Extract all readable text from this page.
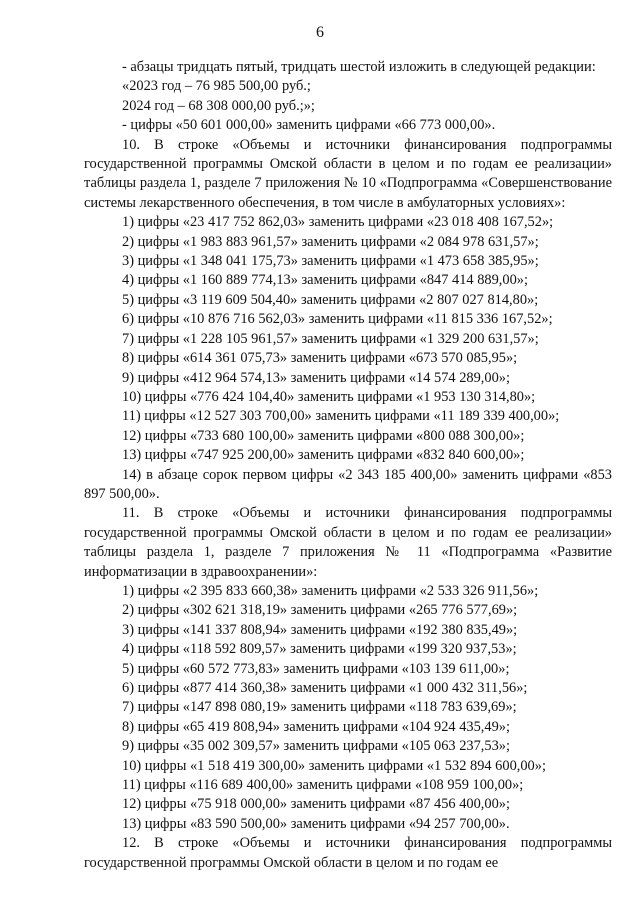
6

- абзацы тридцать пятый, тридцать шестой изложить в следующей редакции:

«2023 год – 76 985 500,00 руб.;

2024 год – 68 308 000,00 руб.;»;

- цифры «50 601 000,00» заменить цифрами «66 773 000,00».

10. В строке «Объемы и источники финансирования подпрограммы государственной программы Омской области в целом и по годам ее реализации» таблицы раздела 1, разделе 7 приложения № 10 «Подпрограмма «Совершенствование системы лекарственного обеспечения, в том числе в амбулаторных условиях»:

1) цифры «23 417 752 862,03» заменить цифрами «23 018 408 167,52»;

2) цифры «1 983 883 961,57» заменить цифрами «2 084 978 631,57»;

3) цифры «1 348 041 175,73» заменить цифрами «1 473 658 385,95»;

4) цифры «1 160 889 774,13» заменить цифрами «847 414 889,00»;

5) цифры «3 119 609 504,40» заменить цифрами «2 807 027 814,80»;

6) цифры «10 876 716 562,03» заменить цифрами «11 815 336 167,52»;

7) цифры «1 228 105 961,57» заменить цифрами «1 329 200 631,57»;

8) цифры «614 361 075,73» заменить цифрами «673 570 085,95»;

9) цифры «412 964 574,13» заменить цифрами «14 574 289,00»;

10) цифры «776 424 104,40» заменить цифрами «1 953 130 314,80»;

11) цифры «12 527 303 700,00» заменить цифрами «11 189 339 400,00»;

12) цифры «733 680 100,00» заменить цифрами «800 088 300,00»;

13) цифры «747 925 200,00» заменить цифрами «832 840 600,00»;

14) в абзаце сорок первом цифры «2 343 185 400,00» заменить цифрами «853 897 500,00».

11. В строке «Объемы и источники финансирования подпрограммы государственной программы Омской области в целом и по годам ее реализации» таблицы раздела 1, разделе 7 приложения № 11 «Подпрограмма «Развитие информатизации в здравоохранении»:

1) цифры «2 395 833 660,38» заменить цифрами «2 533 326 911,56»;

2) цифры «302 621 318,19» заменить цифрами «265 776 577,69»;

3) цифры «141 337 808,94» заменить цифрами «192 380 835,49»;

4) цифры «118 592 809,57» заменить цифрами «199 320 937,53»;

5) цифры «60 572 773,83» заменить цифрами «103 139 611,00»;

6) цифры «877 414 360,38» заменить цифрами «1 000 432 311,56»;

7) цифры «147 898 080,19» заменить цифрами «118 783 639,69»;

8) цифры «65 419 808,94» заменить цифрами «104 924 435,49»;

9) цифры «35 002 309,57» заменить цифрами «105 063 237,53»;

10) цифры «1 518 419 300,00» заменить цифрами «1 532 894 600,00»;

11) цифры «116 689 400,00» заменить цифрами «108 959 100,00»;

12) цифры «75 918 000,00» заменить цифрами «87 456 400,00»;

13) цифры «83 590 500,00» заменить цифрами «94 257 700,00».

12. В строке «Объемы и источники финансирования подпрограммы государственной программы Омской области в целом и по годам ее
